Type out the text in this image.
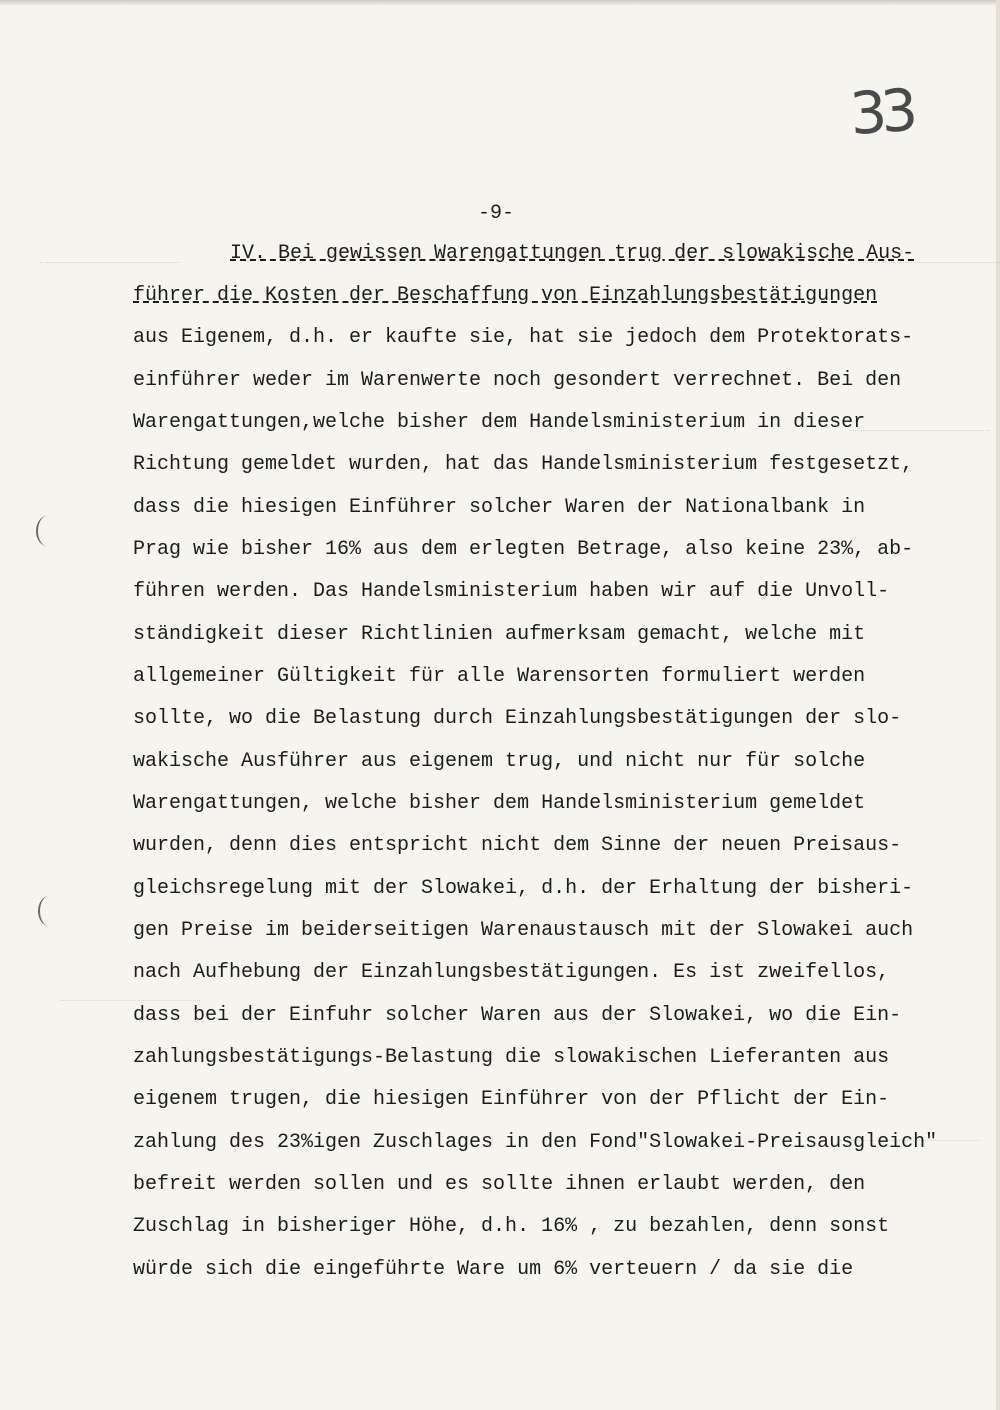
33
-9-

IV. Bei gewissen Warengattungen trug der slowakische Aus-

führer die Kosten der Beschaffung von Einzahlungsbestätigungen

aus Eigenem, d.h. er kaufte sie, hat sie jedoch dem Protektorats-

einführer weder im Warenwerte noch gesondert verrechnet. Bei den

Warengattungen,welche bisher dem Handelsministerium in dieser

Richtung gemeldet wurden, hat das Handelsministerium festgesetzt,

dass die hiesigen Einführer solcher Waren der Nationalbank in

Prag wie bisher 16% aus dem erlegten Betrage, also keine 23%, ab-

führen werden. Das Handelsministerium haben wir auf die Unvoll-

ständigkeit dieser Richtlinien aufmerksam gemacht, welche mit

allgemeiner Gültigkeit für alle Warensorten formuliert werden

sollte, wo die Belastung durch Einzahlungsbestätigungen der slo-

wakische Ausführer aus eigenem trug, und nicht nur für solche

Warengattungen, welche bisher dem Handelsministerium gemeldet

wurden, denn dies entspricht nicht dem Sinne der neuen Preisaus-

gleichsregelung mit der Slowakei, d.h. der Erhaltung der bisheri-

gen Preise im beiderseitigen Warenaustausch mit der Slowakei auch

nach Aufhebung der Einzahlungsbestätigungen. Es ist zweifellos,

dass bei der Einfuhr solcher Waren aus der Slowakei, wo die Ein-

zahlungsbestätigungs-Belastung die slowakischen Lieferanten aus

eigenem trugen, die hiesigen Einführer von der Pflicht der Ein-

zahlung des 23%igen Zuschlages in den Fond"Slowakei-Preisausgleich"

befreit werden sollen und es sollte ihnen erlaubt werden, den

Zuschlag in bisheriger Höhe, d.h. 16% , zu bezahlen, denn sonst

würde sich die eingeführte Ware um 6% verteuern / da sie die
